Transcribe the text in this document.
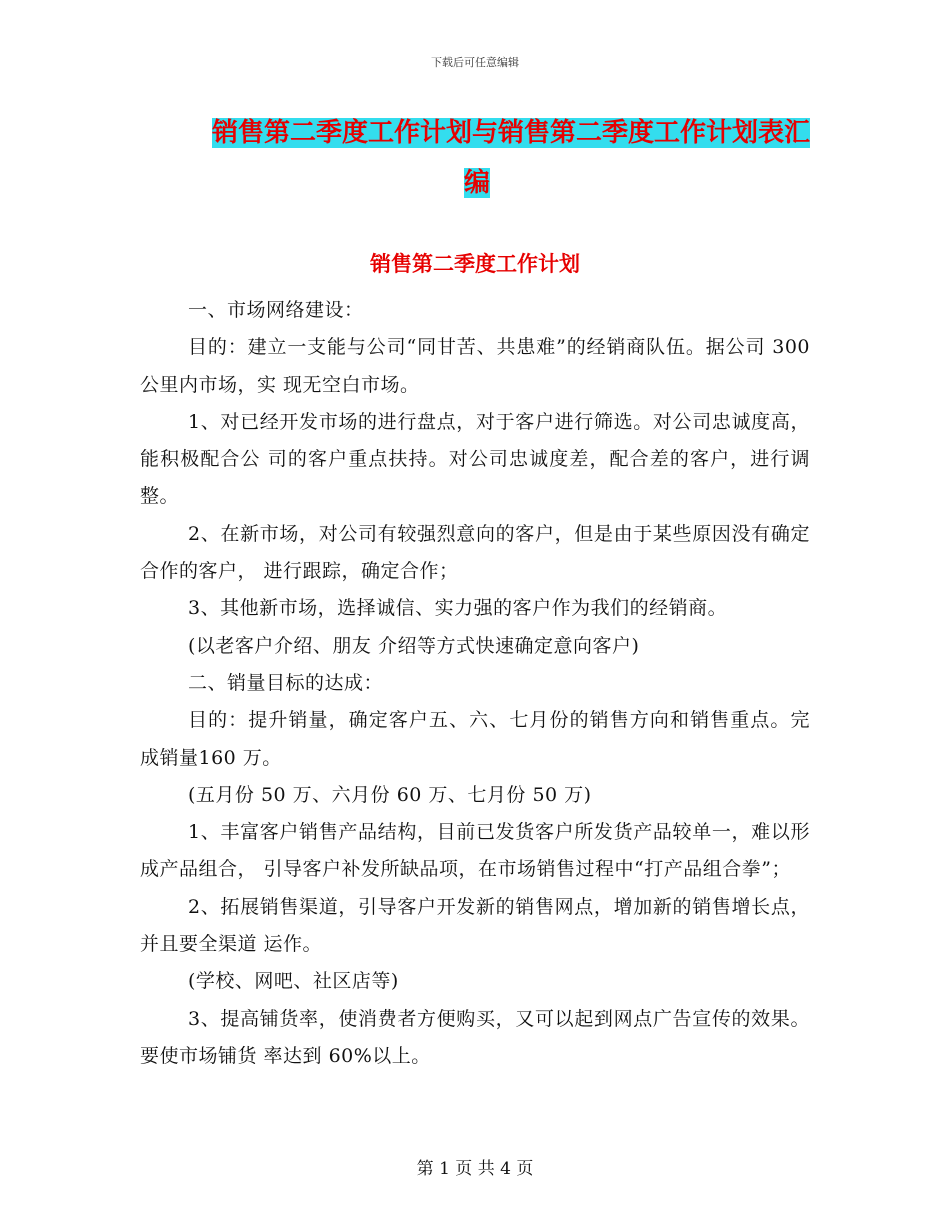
下载后可任意编辑
销售第二季度工作计划与销售第二季度工作计划表汇
编
销售第二季度工作计划

一、市场网络建设：

目的：建立一支能与公司“同甘苦、共患难”的经销商队伍。据公司 300 公里内市场，实 现无空白市场。

1、对已经开发市场的进行盘点，对于客户进行筛选。对公司忠诚度高，能积极配合公 司的客户重点扶持。对公司忠诚度差，配合差的客户，进行调整。

2、在新市场，对公司有较强烈意向的客户，但是由于某些原因没有确定合作的客户， 进行跟踪，确定合作；

3、其他新市场，选择诚信、实力强的客户作为我们的经销商。

(以老客户介绍、朋友 介绍等方式快速确定意向客户)

二、销量目标的达成：

目的：提升销量，确定客户五、六、七月份的销售方向和销售重点。完成销量160 万。

(五月份 50 万、六月份 60 万、七月份 50 万)

1、丰富客户销售产品结构，目前已发货客户所发货产品较单一，难以形成产品组合， 引导客户补发所缺品项，在市场销售过程中“打产品组合拳”；

2、拓展销售渠道，引导客户开发新的销售网点，增加新的销售增长点，并且要全渠道 运作。

(学校、网吧、社区店等)

3、提高铺货率，使消费者方便购买，又可以起到网点广告宣传的效果。要使市场铺货 率达到 60%以上。

第 1 页 共 4 页
